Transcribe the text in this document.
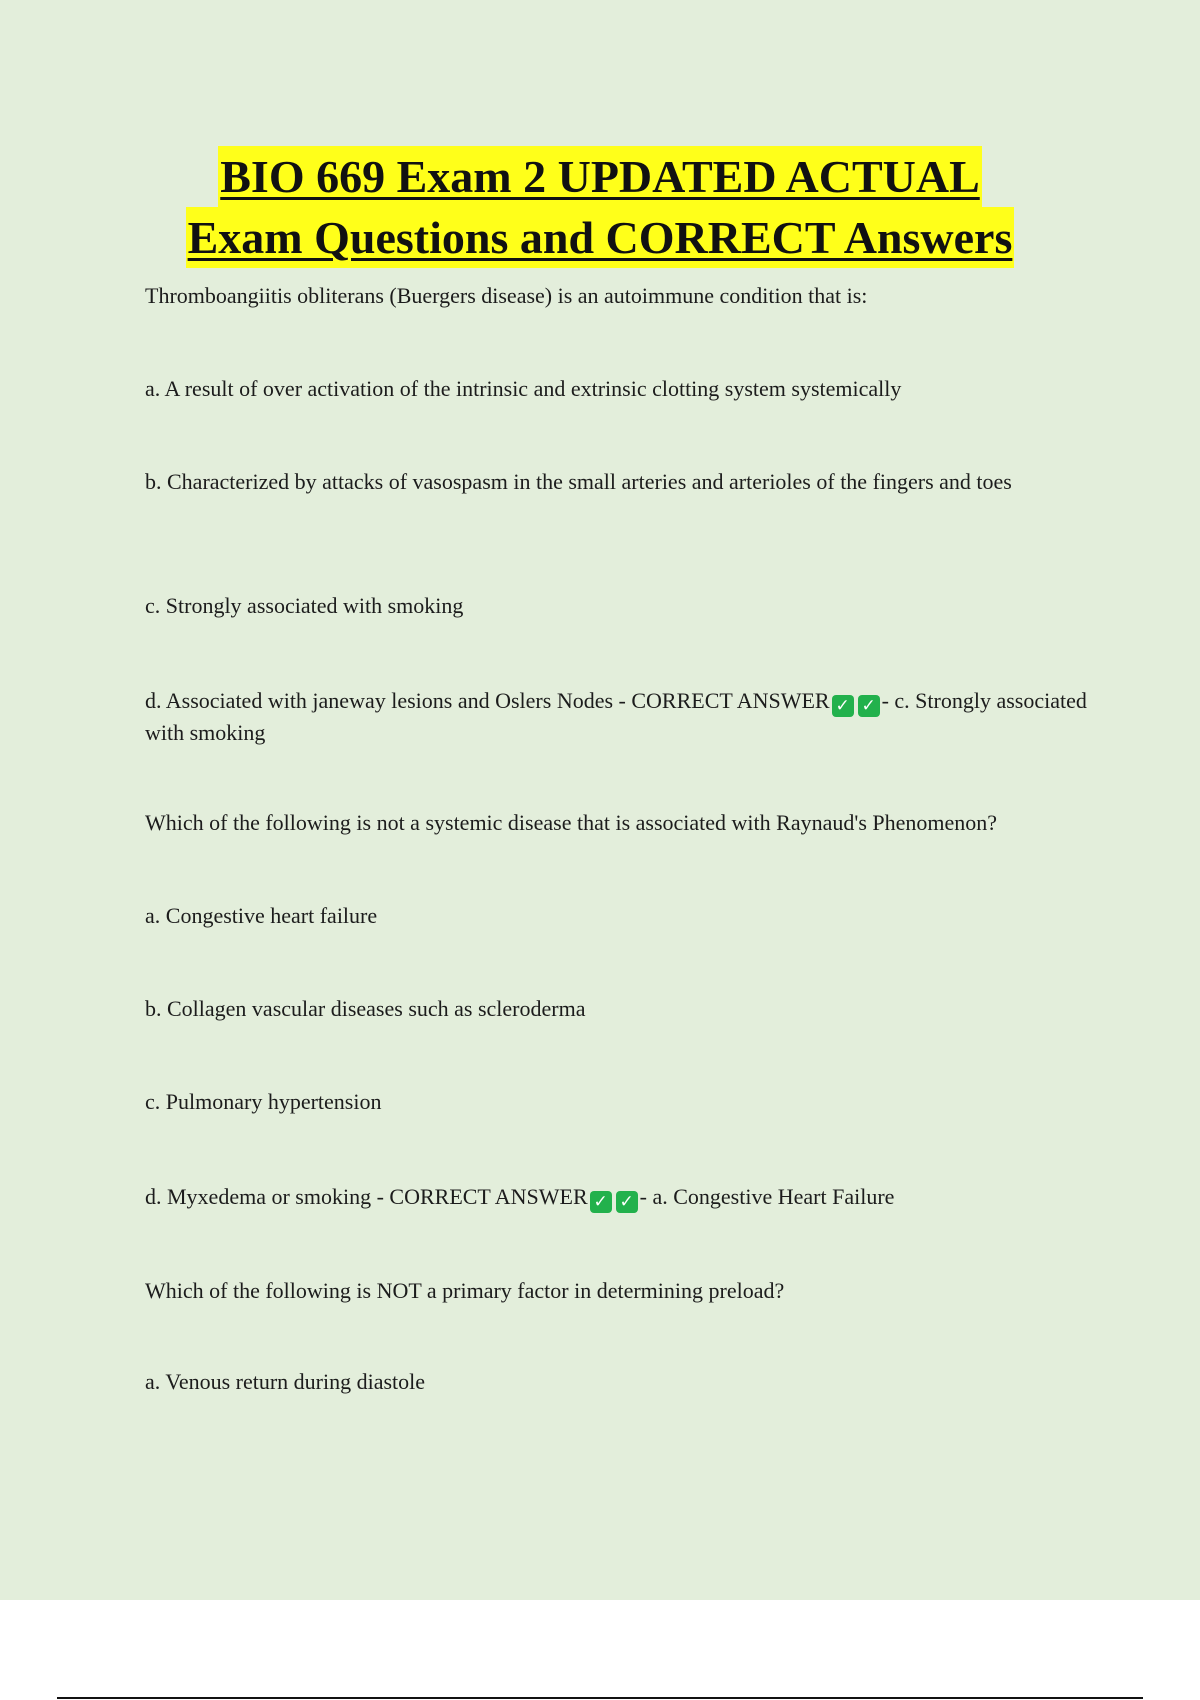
BIO 669 Exam 2 UPDATED ACTUAL
Exam Questions and CORRECT Answers

Thromboangiitis obliterans (Buergers disease) is an autoimmune condition that is:

a. A result of over activation of the intrinsic and extrinsic clotting system systemically

b. Characterized by attacks of vasospasm in the small arteries and arterioles of the fingers and toes

c. Strongly associated with smoking

d. Associated with janeway lesions and Oslers Nodes - CORRECT ANSWER ✓ ✓ - c. Strongly associated with smoking

Which of the following is not a systemic disease that is associated with Raynaud's Phenomenon?

a. Congestive heart failure

b. Collagen vascular diseases such as scleroderma

c. Pulmonary hypertension

d. Myxedema or smoking - CORRECT ANSWER ✓ ✓ - a. Congestive Heart Failure

Which of the following is NOT a primary factor in determining preload?

a. Venous return during diastole
